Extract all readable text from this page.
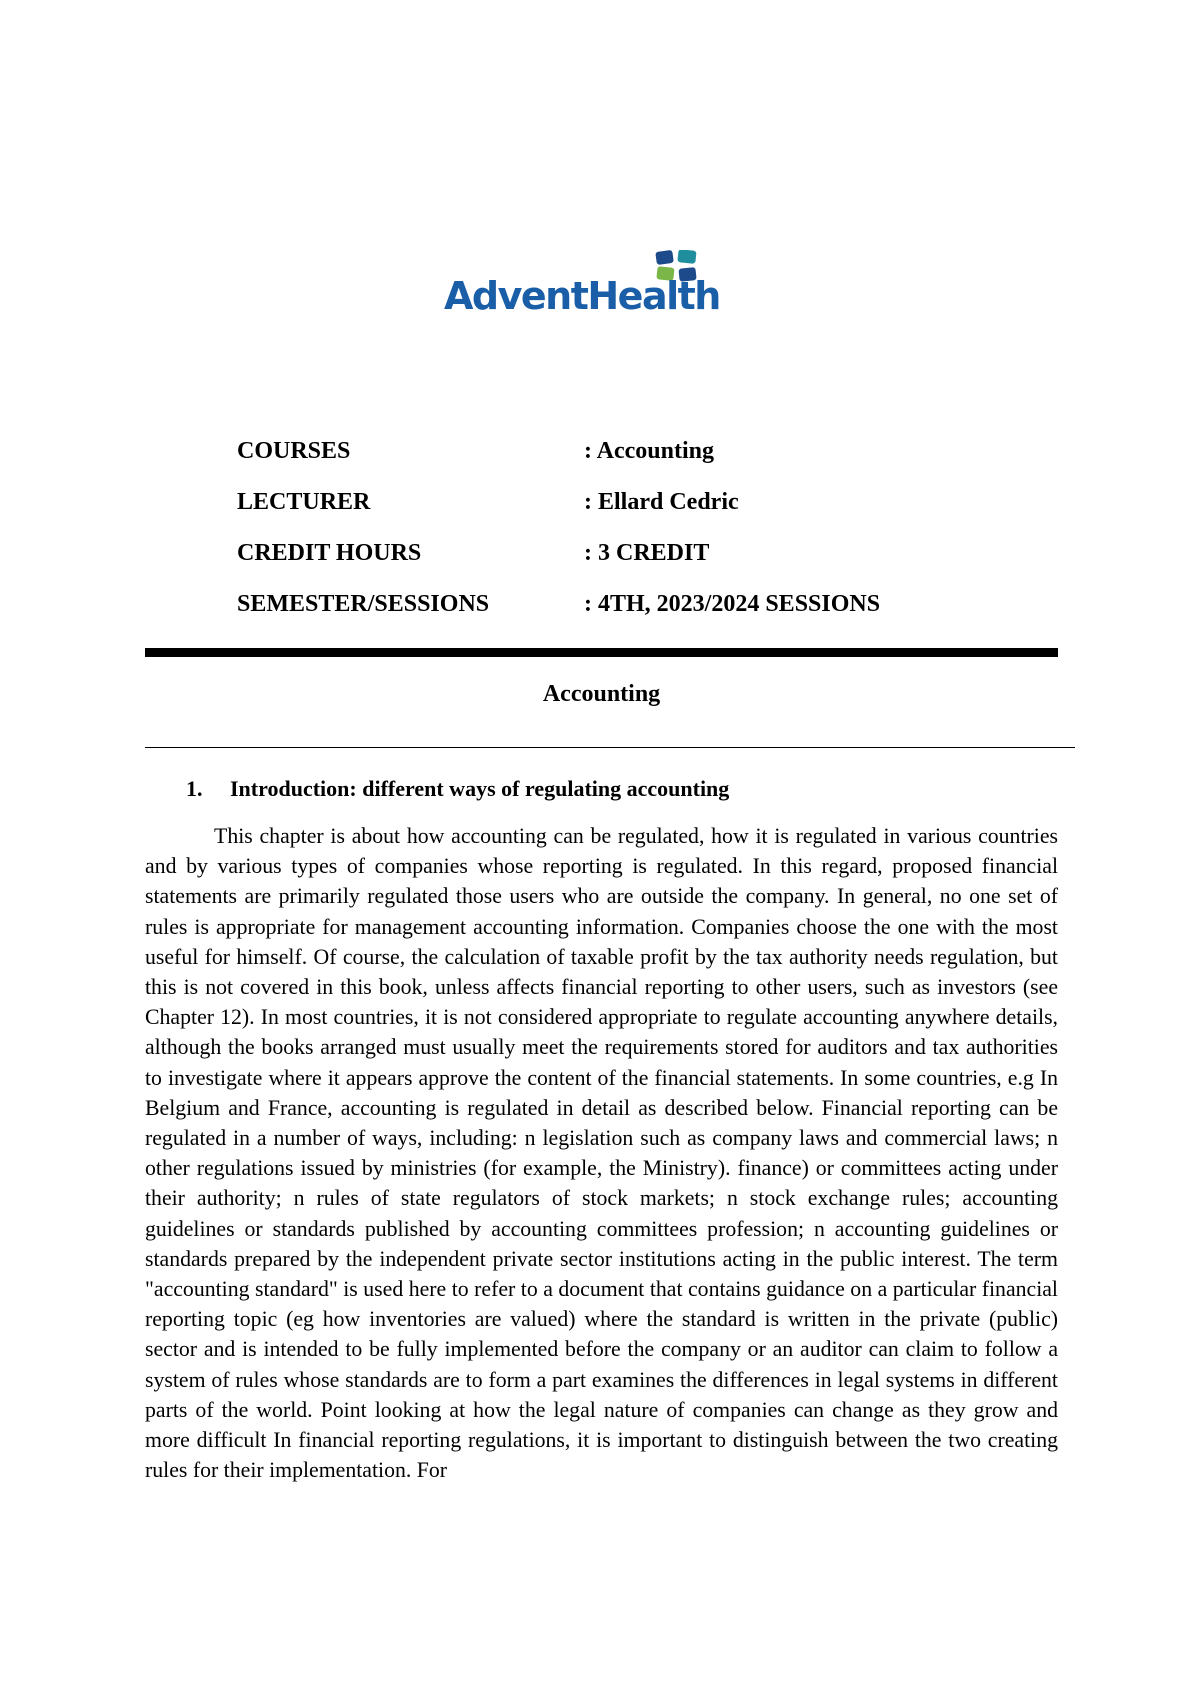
AdventHealth
COURSES	: Accounting
LECTURER	: Ellard Cedric
CREDIT HOURS	: 3 CREDIT
SEMESTER/SESSIONS	: 4TH, 2023/2024 SESSIONS
Accounting
1.	Introduction: different ways of regulating accounting

This chapter is about how accounting can be regulated, how it is regulated in various countries and by various types of companies whose reporting is regulated. In this regard, proposed financial statements are primarily regulated those users who are outside the company. In general, no one set of rules is appropriate for management accounting information. Companies choose the one with the most useful for himself. Of course, the calculation of taxable profit by the tax authority needs regulation, but this is not covered in this book, unless affects financial reporting to other users, such as investors (see Chapter 12). In most countries, it is not considered appropriate to regulate accounting anywhere details, although the books arranged must usually meet the requirements stored for auditors and tax authorities to investigate where it appears approve the content of the financial statements. In some countries, e.g In Belgium and France, accounting is regulated in detail as described below. Financial reporting can be regulated in a number of ways, including: n legislation such as company laws and commercial laws; n other regulations issued by ministries (for example, the Ministry). finance) or committees acting under their authority; n rules of state regulators of stock markets; n stock exchange rules; accounting guidelines or standards published by accounting committees profession; n accounting guidelines or standards prepared by the independent private sector institutions acting in the public interest. The term "accounting standard" is used here to refer to a document that contains guidance on a particular financial reporting topic (eg how inventories are valued) where the standard is written in the private (public) sector and is intended to be fully implemented before the company or an auditor can claim to follow a system of rules whose standards are to form a part examines the differences in legal systems in different parts of the world. Point looking at how the legal nature of companies can change as they grow and more difficult In financial reporting regulations, it is important to distinguish between the two creating rules for their implementation. For
